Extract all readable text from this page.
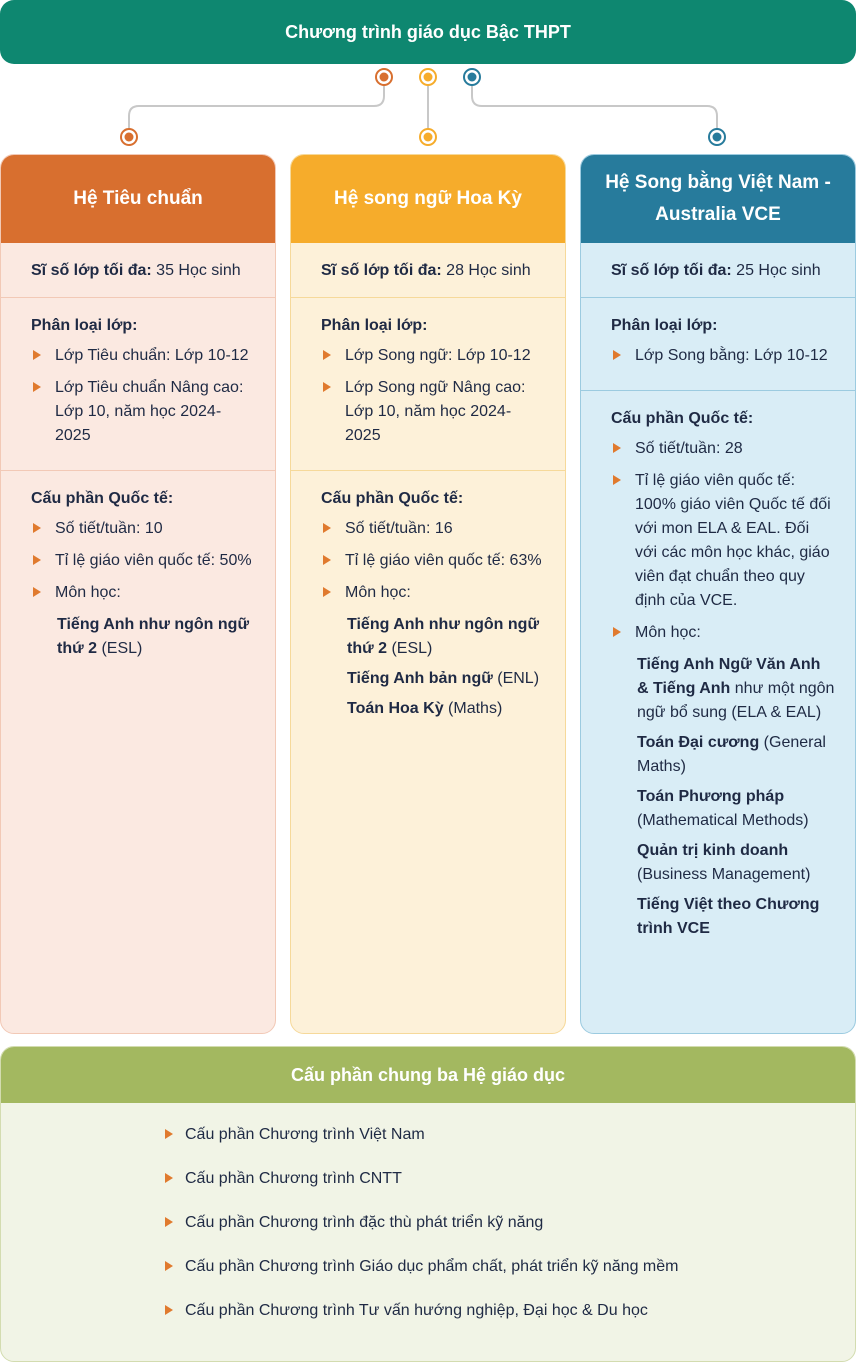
Chương trình giáo dục Bậc THPT
Hệ Tiêu chuẩn
Sĩ số lớp tối đa: 35 Học sinh
Phân loại lớp:
Lớp Tiêu chuẩn: Lớp 10-12
Lớp Tiêu chuẩn Nâng cao: Lớp 10, năm học 2024-2025
Cấu phần Quốc tế:
Số tiết/tuần: 10
Tỉ lệ giáo viên quốc tế: 50%
Môn học:
Tiếng Anh như ngôn ngữ thứ 2 (ESL)
Hệ song ngữ Hoa Kỳ
Sĩ số lớp tối đa: 28 Học sinh
Phân loại lớp:
Lớp Song ngữ: Lớp 10-12
Lớp Song ngữ Nâng cao: Lớp 10, năm học 2024-2025
Cấu phần Quốc tế:
Số tiết/tuần: 16
Tỉ lệ giáo viên quốc tế: 63%
Môn học:
Tiếng Anh như ngôn ngữ thứ 2 (ESL)
Tiếng Anh bản ngữ (ENL)
Toán Hoa Kỳ (Maths)
Hệ Song bằng Việt Nam - Australia VCE
Sĩ số lớp tối đa: 25 Học sinh
Phân loại lớp:
Lớp Song bằng: Lớp 10-12
Cấu phần Quốc tế:
Số tiết/tuần: 28
Tỉ lệ giáo viên quốc tế: 100% giáo viên Quốc tế đối với mon ELA & EAL. Đối với các môn học khác, giáo viên đạt chuẩn theo quy định của VCE.
Môn học:
Tiếng Anh Ngữ Văn Anh & Tiếng Anh như một ngôn ngữ bổ sung (ELA & EAL)
Toán Đại cương (General Maths)
Toán Phương pháp (Mathematical Methods)
Quản trị kinh doanh (Business Management)
Tiếng Việt theo Chương trình VCE
Cấu phần chung ba Hệ giáo dục
Cấu phần Chương trình Việt Nam
Cấu phần Chương trình CNTT
Cấu phần Chương trình đặc thù phát triển kỹ năng
Cấu phần Chương trình Giáo dục phẩm chất, phát triển kỹ năng mềm
Cấu phần Chương trình Tư vấn hướng nghiệp, Đại học & Du học
